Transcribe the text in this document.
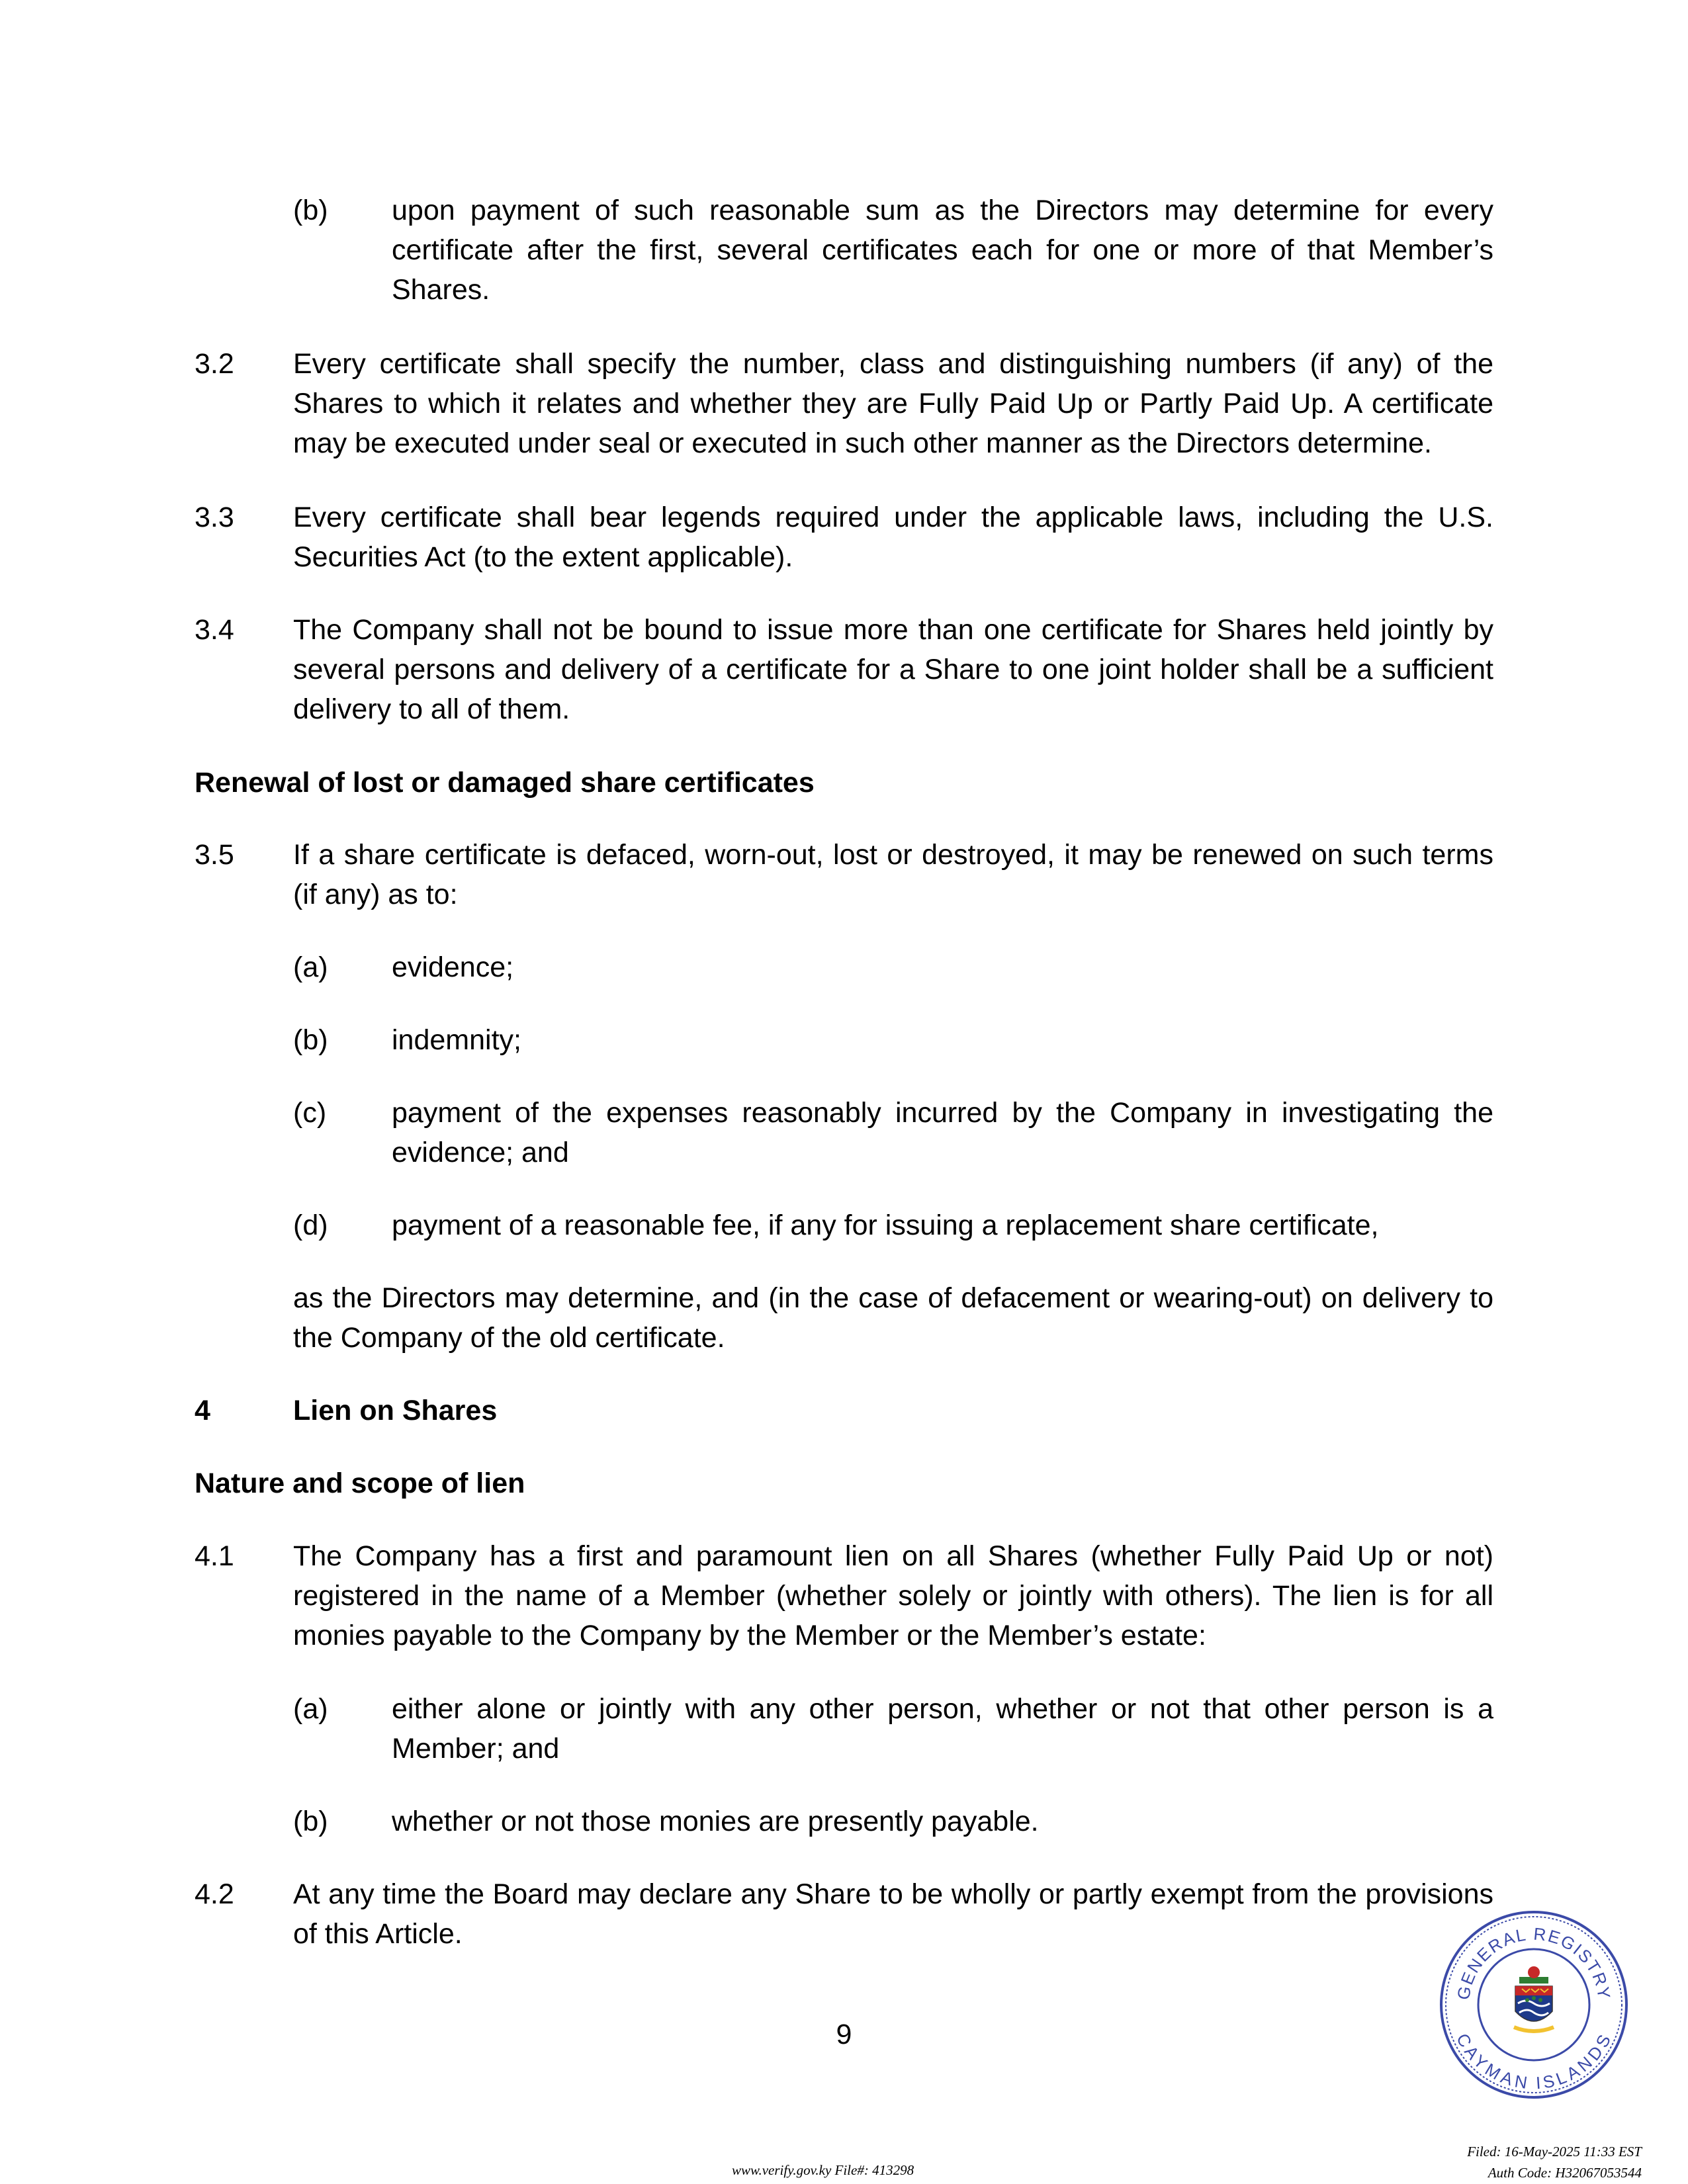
(b) upon payment of such reasonable sum as the Directors may determine for every
certificate after the first, several certificates each for one or more of that Member’s
Shares.
3.2 Every certificate shall specify the number, class and distinguishing numbers (if any) of the
Shares to which it relates and whether they are Fully Paid Up or Partly Paid Up. A certificate
may be executed under seal or executed in such other manner as the Directors determine.
3.3 Every certificate shall bear legends required under the applicable laws, including the U.S.
Securities Act (to the extent applicable).
3.4 The Company shall not be bound to issue more than one certificate for Shares held jointly by
several persons and delivery of a certificate for a Share to one joint holder shall be a sufficient
delivery to all of them.
Renewal of lost or damaged share certificates
3.5 If a share certificate is defaced, worn-out, lost or destroyed, it may be renewed on such terms
(if any) as to:
(a) evidence;
(b) indemnity;
(c) payment of the expenses reasonably incurred by the Company in investigating the
evidence; and
(d) payment of a reasonable fee, if any for issuing a replacement share certificate,
as the Directors may determine, and (in the case of defacement or wearing-out) on delivery to
the Company of the old certificate.
4	Lien on Shares
Nature and scope of lien
4.1 The Company has a first and paramount lien on all Shares (whether Fully Paid Up or not)
registered in the name of a Member (whether solely or jointly with others). The lien is for all
monies payable to the Company by the Member or the Member’s estate:
(a) either alone or jointly with any other person, whether or not that other person is a
Member; and
(b) whether or not those monies are presently payable.
4.2 At any time the Board may declare any Share to be wholly or partly exempt from the provisions
of this Article.
9
GENERAL REGISTRY
CAYMAN ISLANDS
www.verify.gov.ky File#: 413298
Filed: 16-May-2025 11:33 EST
Auth Code: H32067053544
